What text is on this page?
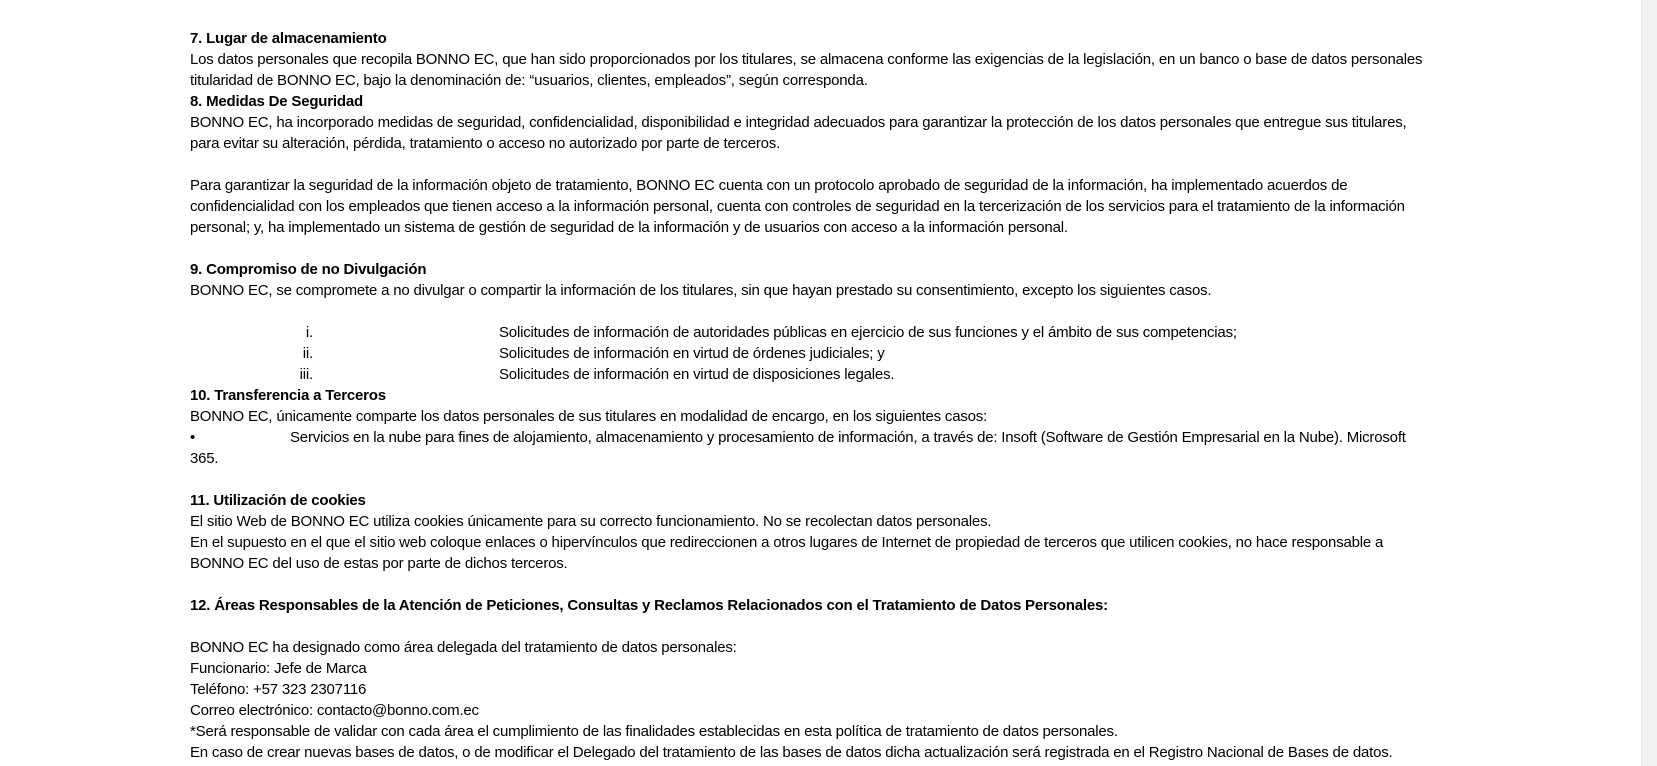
7. Lugar de almacenamiento

Los datos personales que recopila BONNO EC, que han sido proporcionados por los titulares, se almacena conforme las exigencias de la legislación, en un banco o base de datos personales

titularidad de BONNO EC, bajo la denominación de: “usuarios, clientes, empleados”, según corresponda.

8. Medidas De Seguridad

BONNO EC, ha incorporado medidas de seguridad, confidencialidad, disponibilidad e integridad adecuados para garantizar la protección de los datos personales que entregue sus titulares,

para evitar su alteración, pérdida, tratamiento o acceso no autorizado por parte de terceros.

Para garantizar la seguridad de la información objeto de tratamiento, BONNO EC cuenta con un protocolo aprobado de seguridad de la información, ha implementado acuerdos de

confidencialidad con los empleados que tienen acceso a la información personal, cuenta con controles de seguridad en la tercerización de los servicios para el tratamiento de la información

personal; y, ha implementado un sistema de gestión de seguridad de la información y de usuarios con acceso a la información personal.

9. Compromiso de no Divulgación

BONNO EC, se compromete a no divulgar o compartir la información de los titulares, sin que hayan prestado su consentimiento, excepto los siguientes casos.

i.	Solicitudes de información de autoridades públicas en ejercicio de sus funciones y el ámbito de sus competencias;
ii.	Solicitudes de información en virtud de órdenes judiciales; y
iii.	Solicitudes de información en virtud de disposiciones legales.
10. Transferencia a Terceros

BONNO EC, únicamente comparte los datos personales de sus titulares en modalidad de encargo, en los siguientes casos:

•	Servicios en la nube para fines de alojamiento, almacenamiento y procesamiento de información, a través de: Insoft (Software de Gestión Empresarial en la Nube). Microsoft

365.

11. Utilización de cookies

El sitio Web de BONNO EC utiliza cookies únicamente para su correcto funcionamiento. No se recolectan datos personales.

En el supuesto en el que el sitio web coloque enlaces o hipervínculos que redireccionen a otros lugares de Internet de propiedad de terceros que utilicen cookies, no hace responsable a

BONNO EC del uso de estas por parte de dichos terceros.

12. Áreas Responsables de la Atención de Peticiones, Consultas y Reclamos Relacionados con el Tratamiento de Datos Personales:

BONNO EC ha designado como área delegada del tratamiento de datos personales:

Funcionario: Jefe de Marca

Teléfono: +57 323 2307116

Correo electrónico: contacto@bonno.com.ec

*Será responsable de validar con cada área el cumplimiento de las finalidades establecidas en esta política de tratamiento de datos personales.

En caso de crear nuevas bases de datos, o de modificar el Delegado del tratamiento de las bases de datos dicha actualización será registrada en el Registro Nacional de Bases de datos.
